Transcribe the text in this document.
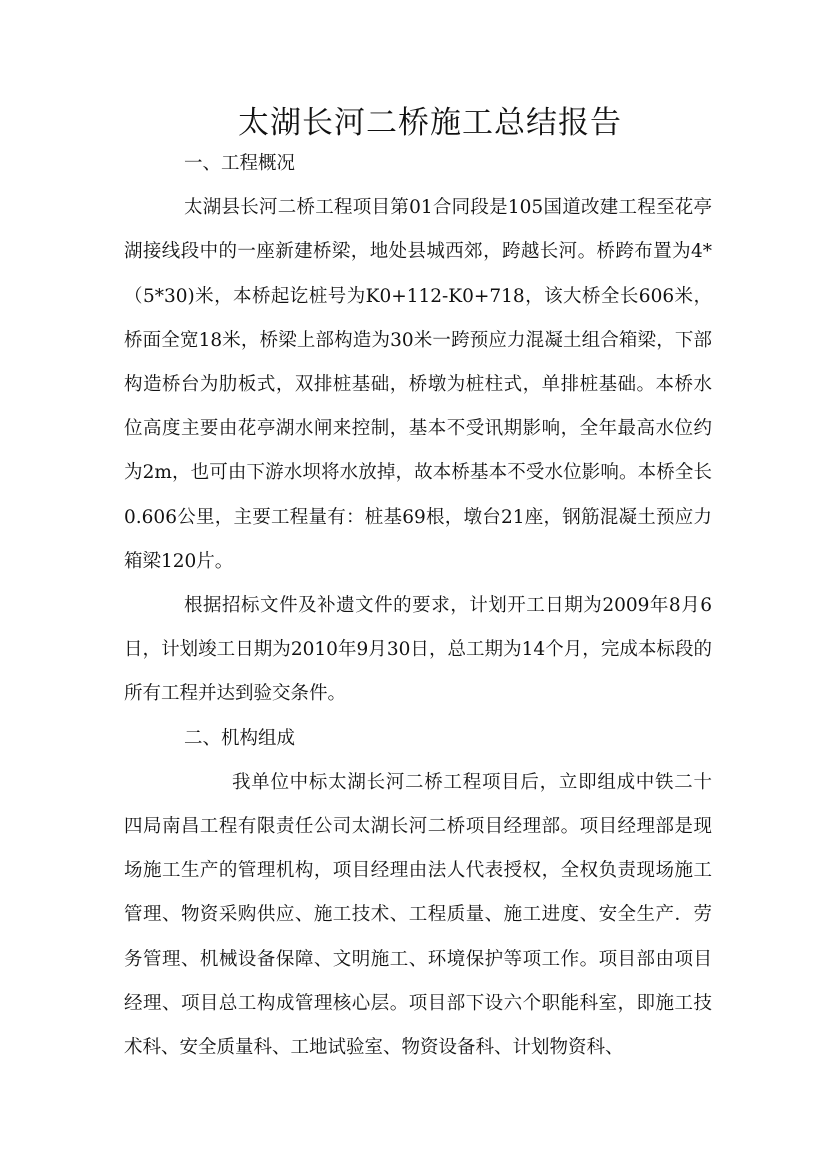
太湖长河二桥施工总结报告
一、工程概况

太湖县长河二桥工程项目第01合同段是105国道改建工程至花亭湖接线段中的一座新建桥梁，地处县城西郊，跨越长河。桥跨布置为4*（5*30)米，本桥起讫桩号为K0+112-K0+718，该大桥全长606米，桥面全宽18米，桥梁上部构造为30米一跨预应力混凝土组合箱梁，下部构造桥台为肋板式，双排桩基础，桥墩为桩柱式，单排桩基础。本桥水位高度主要由花亭湖水闸来控制，基本不受讯期影响，全年最高水位约为2m，也可由下游水坝将水放掉，故本桥基本不受水位影响。本桥全长0.606公里，主要工程量有：桩基69根，墩台21座，钢筋混凝土预应力箱梁120片。

根据招标文件及补遗文件的要求，计划开工日期为2009年8月6日，计划竣工日期为2010年9月30日，总工期为14个月，完成本标段的所有工程并达到验交条件。

二、机构组成

我单位中标太湖长河二桥工程项目后，立即组成中铁二十四局南昌工程有限责任公司太湖长河二桥项目经理部。项目经理部是现场施工生产的管理机构，项目经理由法人代表授权，全权负责现场施工管理、物资采购供应、施工技术、工程质量、施工进度、安全生产．劳务管理、机械设备保障、文明施工、环境保护等项工作。项目部由项目经理、项目总工构成管理核心层。项目部下设六个职能科室，即施工技术科、安全质量科、工地试验室、物资设备科、计划物资科、
